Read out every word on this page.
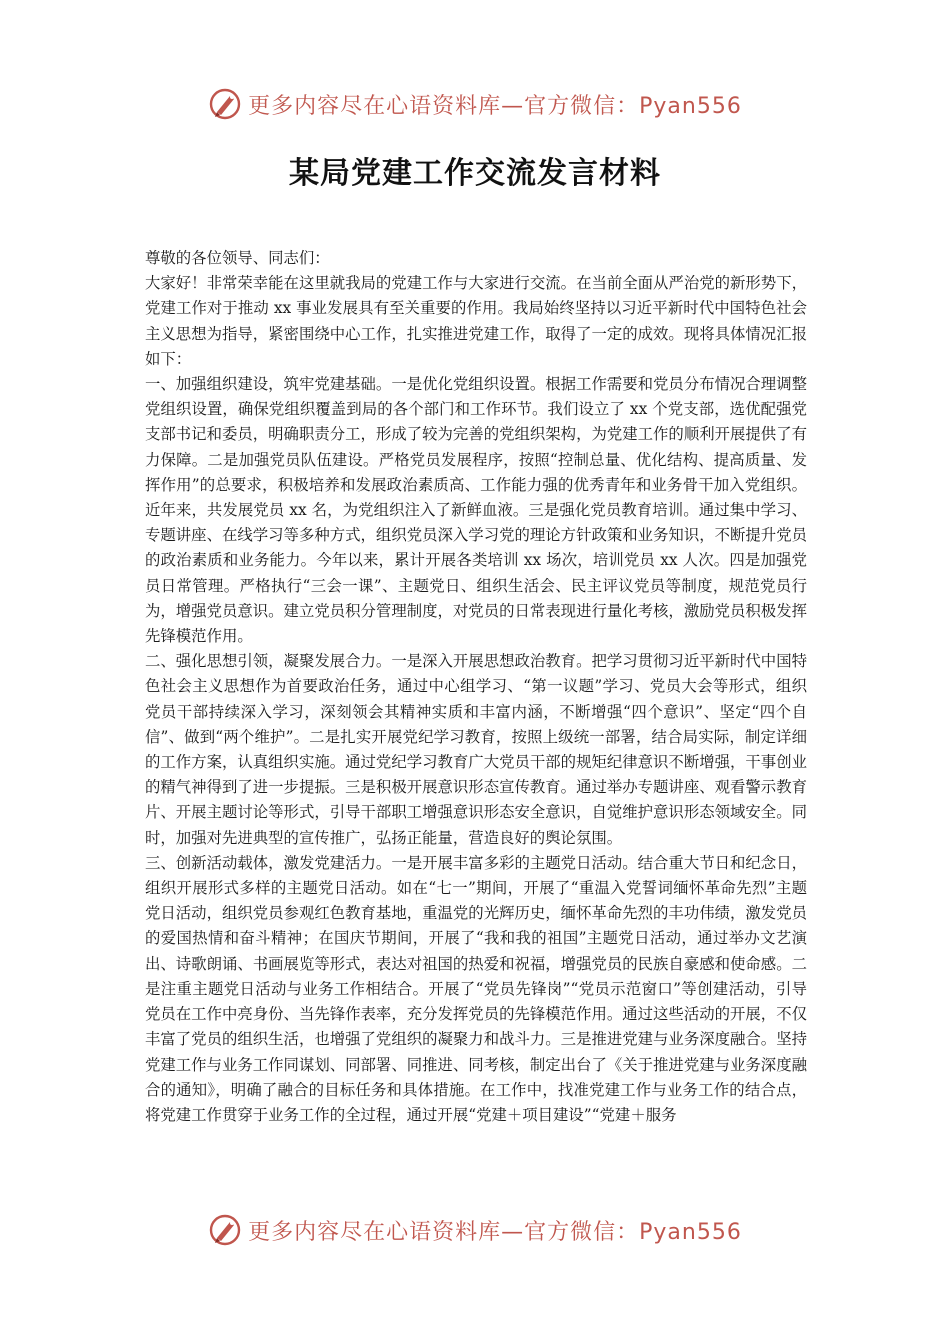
更多内容尽在心语资料库—官方微信：Pyan556
某局党建工作交流发言材料

尊敬的各位领导、同志们：

大家好！非常荣幸能在这里就我局的党建工作与大家进行交流。在当前全面从严治党的新形势下，党建工作对于推动 xx 事业发展具有至关重要的作用。我局始终坚持以习近平新时代中国特色社会主义思想为指导，紧密围绕中心工作，扎实推进党建工作，取得了一定的成效。现将具体情况汇报如下：

一、加强组织建设，筑牢党建基础。一是优化党组织设置。根据工作需要和党员分布情况合理调整党组织设置，确保党组织覆盖到局的各个部门和工作环节。我们设立了 xx 个党支部，选优配强党支部书记和委员，明确职责分工，形成了较为完善的党组织架构，为党建工作的顺利开展提供了有力保障。二是加强党员队伍建设。严格党员发展程序，按照“控制总量、优化结构、提高质量、发挥作用”的总要求，积极培养和发展政治素质高、工作能力强的优秀青年和业务骨干加入党组织。近年来，共发展党员 xx 名，为党组织注入了新鲜血液。三是强化党员教育培训。通过集中学习、专题讲座、在线学习等多种方式，组织党员深入学习党的理论方针政策和业务知识，不断提升党员的政治素质和业务能力。今年以来，累计开展各类培训 xx 场次，培训党员 xx 人次。四是加强党员日常管理。严格执行“三会一课”、主题党日、组织生活会、民主评议党员等制度，规范党员行为，增强党员意识。建立党员积分管理制度，对党员的日常表现进行量化考核，激励党员积极发挥先锋模范作用。

二、强化思想引领，凝聚发展合力。一是深入开展思想政治教育。把学习贯彻习近平新时代中国特色社会主义思想作为首要政治任务，通过中心组学习、“第一议题”学习、党员大会等形式，组织党员干部持续深入学习，深刻领会其精神实质和丰富内涵，不断增强“四个意识”、坚定“四个自信”、做到“两个维护”。二是扎实开展党纪学习教育，按照上级统一部署，结合局实际，制定详细的工作方案，认真组织实施。通过党纪学习教育广大党员干部的规矩纪律意识不断增强，干事创业的精气神得到了进一步提振。三是积极开展意识形态宣传教育。通过举办专题讲座、观看警示教育片、开展主题讨论等形式，引导干部职工增强意识形态安全意识，自觉维护意识形态领域安全。同时，加强对先进典型的宣传推广，弘扬正能量，营造良好的舆论氛围。

三、创新活动载体，激发党建活力。一是开展丰富多彩的主题党日活动。结合重大节日和纪念日，组织开展形式多样的主题党日活动。如在“七一”期间，开展了“重温入党誓词缅怀革命先烈”主题党日活动，组织党员参观红色教育基地，重温党的光辉历史，缅怀革命先烈的丰功伟绩，激发党员的爱国热情和奋斗精神；在国庆节期间，开展了“我和我的祖国”主题党日活动，通过举办文艺演出、诗歌朗诵、书画展览等形式，表达对祖国的热爱和祝福，增强党员的民族自豪感和使命感。二是注重主题党日活动与业务工作相结合。开展了“党员先锋岗”“党员示范窗口”等创建活动，引导党员在工作中亮身份、当先锋作表率，充分发挥党员的先锋模范作用。通过这些活动的开展，不仅丰富了党员的组织生活，也增强了党组织的凝聚力和战斗力。三是推进党建与业务深度融合。坚持党建工作与业务工作同谋划、同部署、同推进、同考核，制定出台了《关于推进党建与业务深度融合的通知》，明确了融合的目标任务和具体措施。在工作中，找准党建工作与业务工作的结合点，将党建工作贯穿于业务工作的全过程，通过开展“党建＋项目建设”“党建＋服务

更多内容尽在心语资料库—官方微信：Pyan556
